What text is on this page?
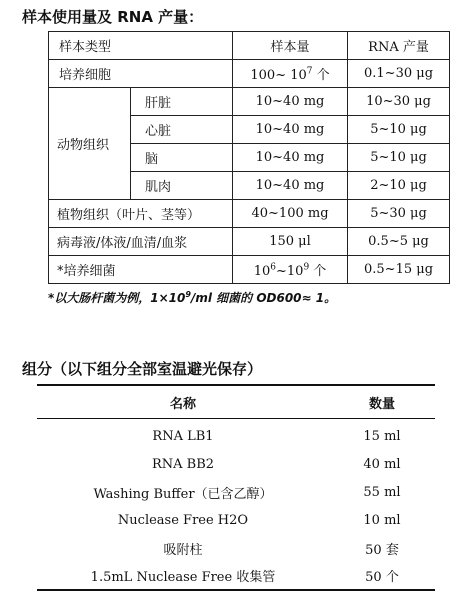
样本使用量及 RNA 产量：
样本类型		样本量	RNA 产量
培养细胞		100~ $10^7$ 个	0.1~30 μg
动物组织	肝脏	10~40 mg	10~30 μg
	心脏	10~40 mg	5~10 μg
	脑	10~40 mg	5~10 μg
	肌肉	10~40 mg	2~10 μg
植物组织（叶片、茎等）		40~100 mg	5~30 μg
病毒液/体液/血清/血浆		150 μl	0.5~5 μg
*培养细菌		$10^6\sim 10^9$ 个	0.5~15 μg
*以大肠杆菌为例，$1\times 10^9/ml$ 细菌的 OD600≈ 1。
组分（以下组分全部室温避光保存）
名称	数量

RNA LB1	15 ml
RNA BB2	40 ml
Washing Buffer（已含乙醇）	55 ml
Nuclease Free H2O	10 ml
吸附柱	50 套
1.5mL Nuclease Free 收集管	50 个
